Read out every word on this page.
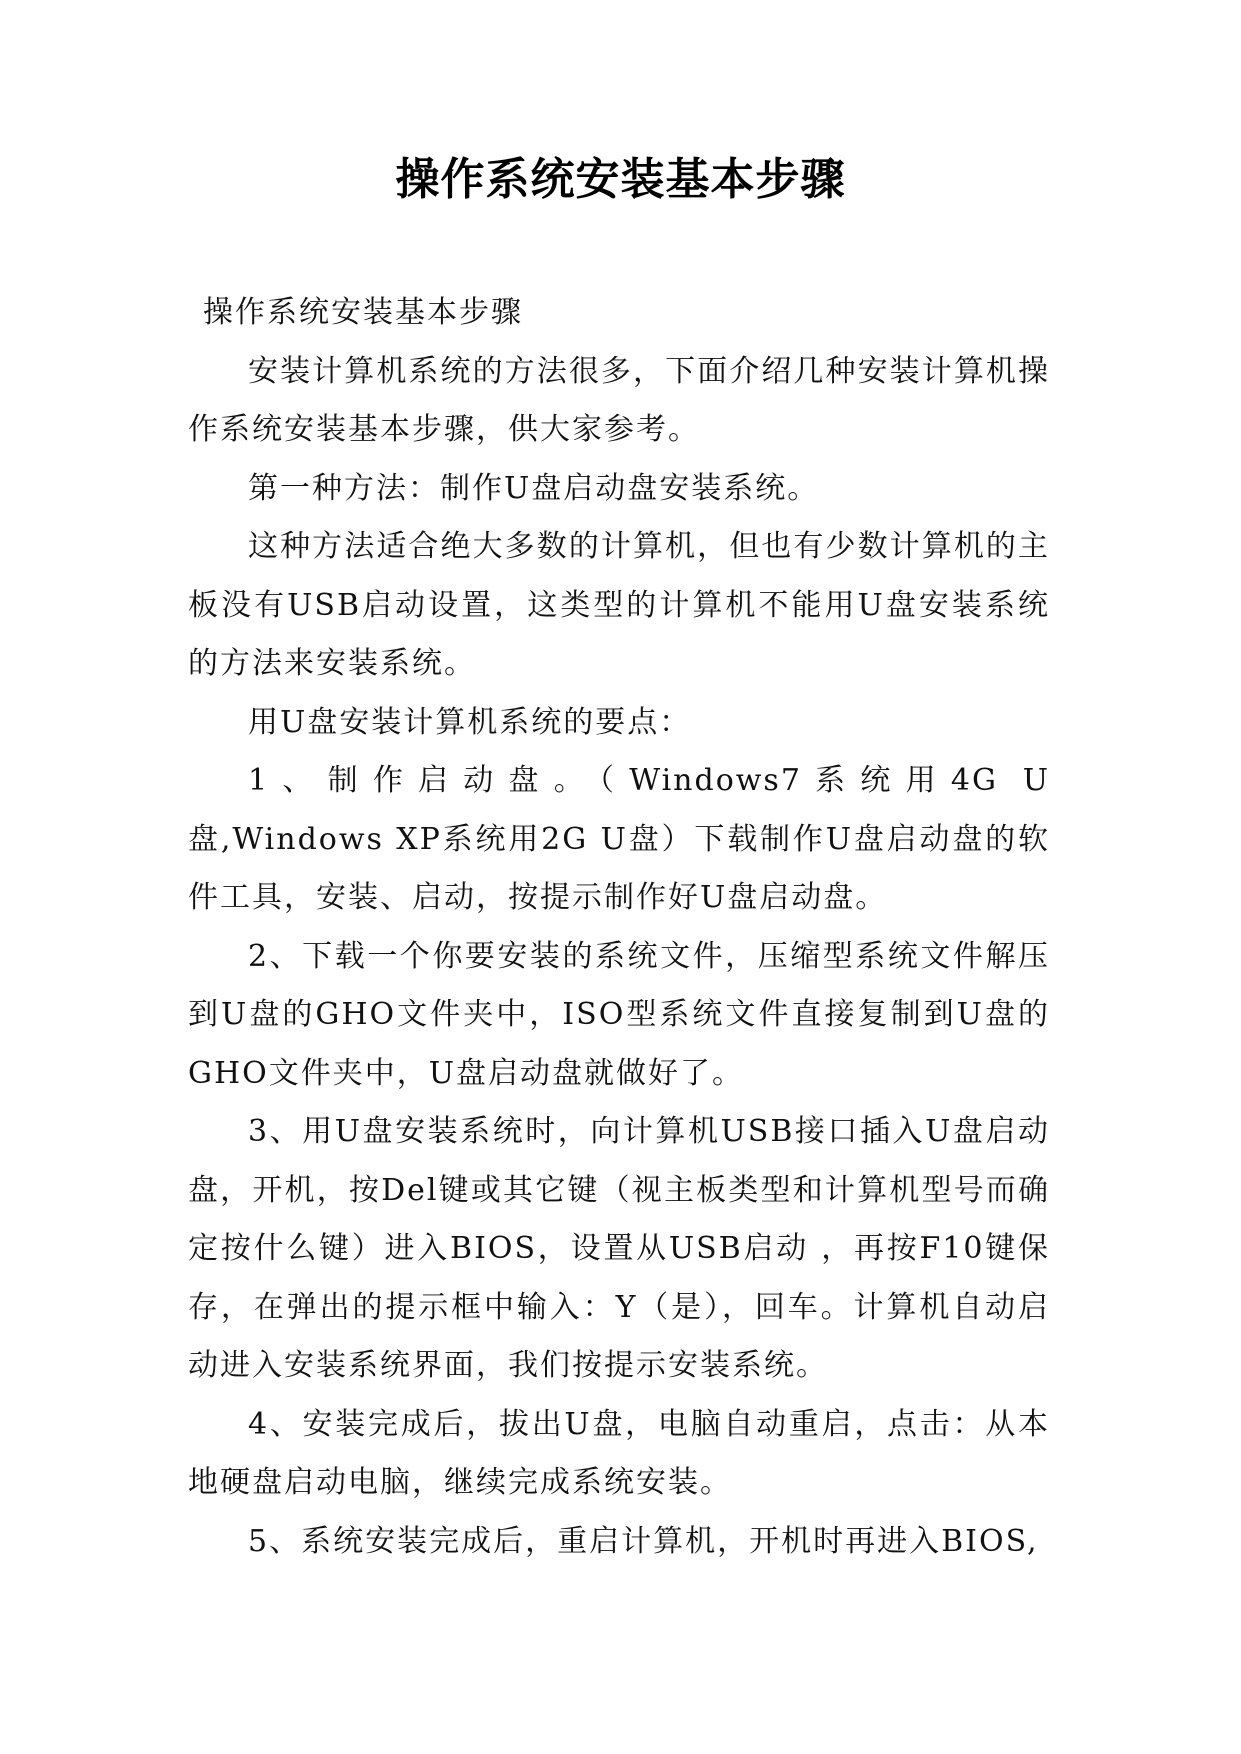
操作系统安装基本步骤

操作系统安装基本步骤

安装计算机系统的方法很多，下面介绍几种安装计算机操作系统安装基本步骤，供大家参考。

第一种方法：制作U盘启动盘安装系统。

这种方法适合绝大多数的计算机，但也有少数计算机的主板没有USB启动设置，这类型的计算机不能用U盘安装系统的方法来安装系统。

用U盘安装计算机系统的要点：

1、制作启动盘。（Windows7系统用4G U盘,Windows XP系统用2G U盘）下载制作U盘启动盘的软件工具，安装、启动，按提示制作好U盘启动盘。

2、下载一个你要安装的系统文件，压缩型系统文件解压到U盘的GHO文件夹中，ISO型系统文件直接复制到U盘的GHO文件夹中，U盘启动盘就做好了。

3、用U盘安装系统时，向计算机USB接口插入U盘启动盘，开机，按Del键或其它键（视主板类型和计算机型号而确定按什么键）进入BIOS，设置从USB启动 ，再按F10键保存，在弹出的提示框中输入：Y（是），回车。计算机自动启动进入安装系统界面，我们按提示安装系统。

4、安装完成后，拔出U盘，电脑自动重启，点击：从本地硬盘启动电脑，继续完成系统安装。

5、系统安装完成后，重启计算机，开机时再进入BIOS,
